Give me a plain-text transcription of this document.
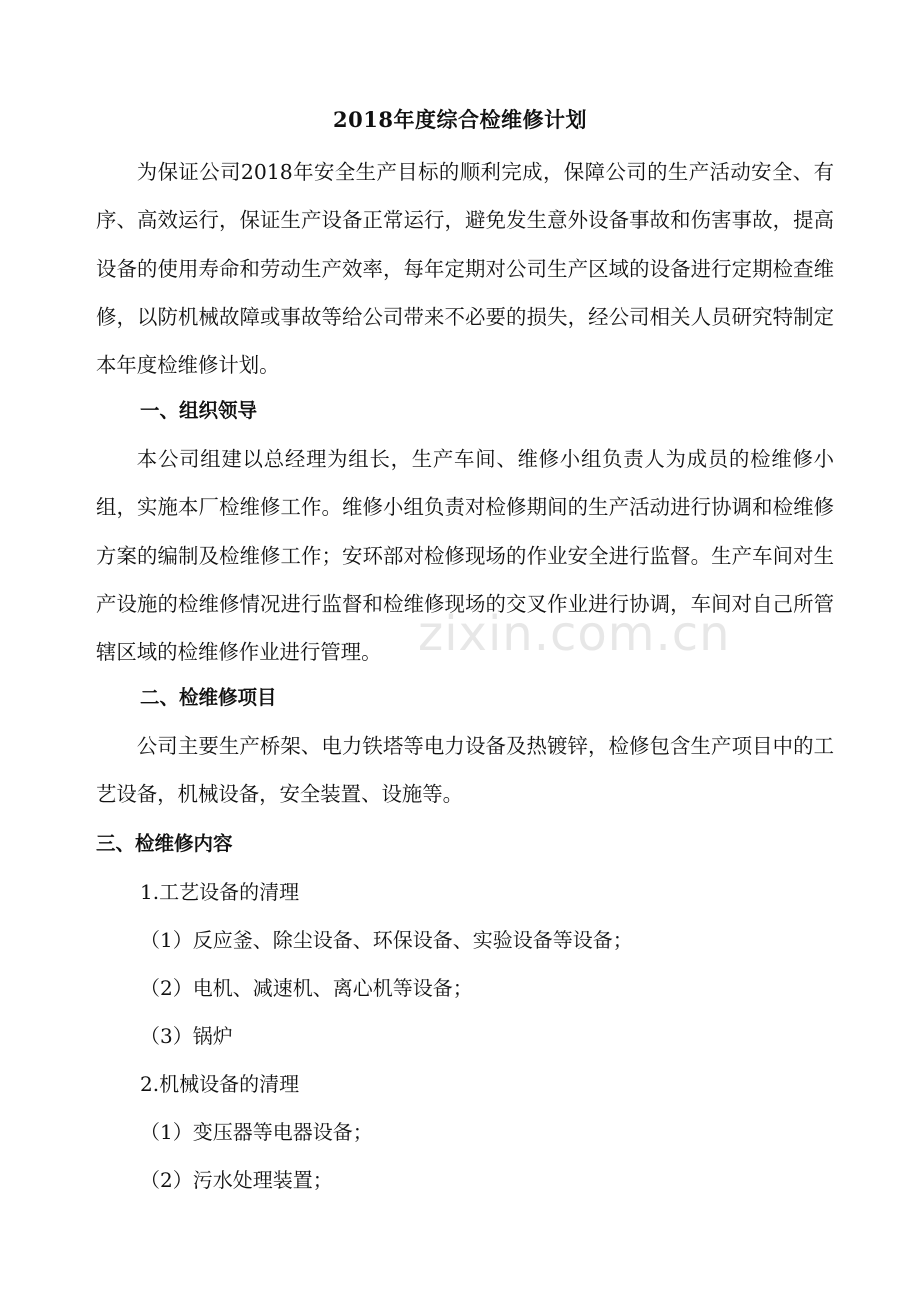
2018年度综合检维修计划
为保证公司2018年安全生产目标的顺利完成，保障公司的生产活动安全、有序、高效运行，保证生产设备正常运行，避免发生意外设备事故和伤害事故，提高设备的使用寿命和劳动生产效率，每年定期对公司生产区域的设备进行定期检查维修，以防机械故障或事故等给公司带来不必要的损失，经公司相关人员研究特制定本年度检维修计划。
一、组织领导
本公司组建以总经理为组长，生产车间、维修小组负责人为成员的检维修小组，实施本厂检维修工作。维修小组负责对检修期间的生产活动进行协调和检维修方案的编制及检维修工作；安环部对检修现场的作业安全进行监督。生产车间对生产设施的检维修情况进行监督和检维修现场的交叉作业进行协调，车间对自己所管辖区域的检维修作业进行管理。
二、检维修项目
公司主要生产桥架、电力铁塔等电力设备及热镀锌，检修包含生产项目中的工艺设备，机械设备，安全装置、设施等。
三、检维修内容
1.工艺设备的清理
（1）反应釜、除尘设备、环保设备、实验设备等设备；
（2）电机、减速机、离心机等设备；
（3）锅炉
2.机械设备的清理
（1）变压器等电器设备；
（2）污水处理装置；
zixin.com.cn
